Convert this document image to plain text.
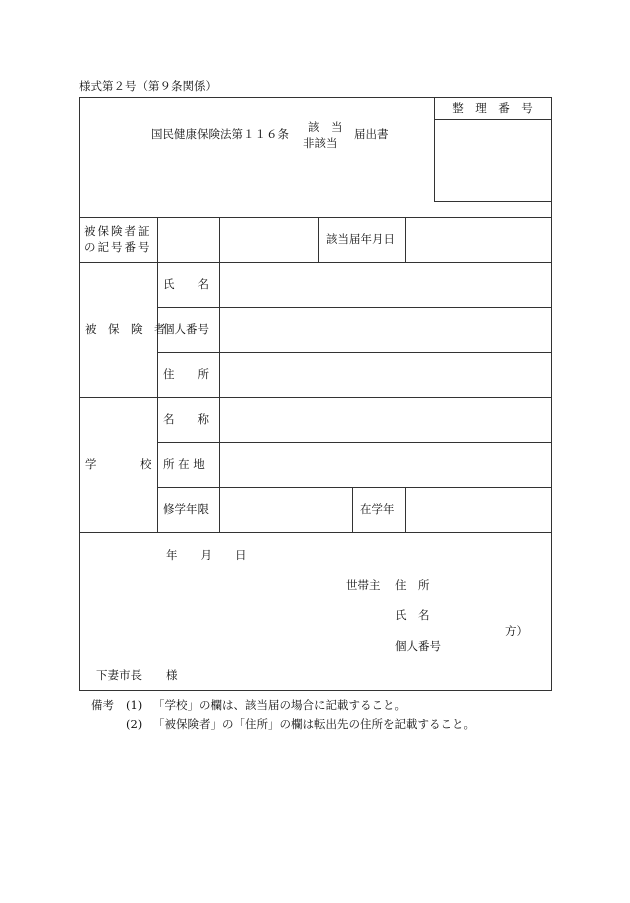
様式第２号（第９条関係）
国民健康保険法第１１６条 該　当
非該当
届出書
整　理　番　号
被保険者証
の記号番号
該当届年月日
被　保　険　者
氏　　名
個人番号
住　　所
学	校
名　　称
所 在 地
修学年限	在学年
年　　月　　日
世帯主 住　所
氏　名
方）
個人番号
下妻市長 様
備考 (1) 「学校」の欄は、該当届の場合に記載すること。
(2) 「被保険者」の「住所」の欄は転出先の住所を記載すること。
